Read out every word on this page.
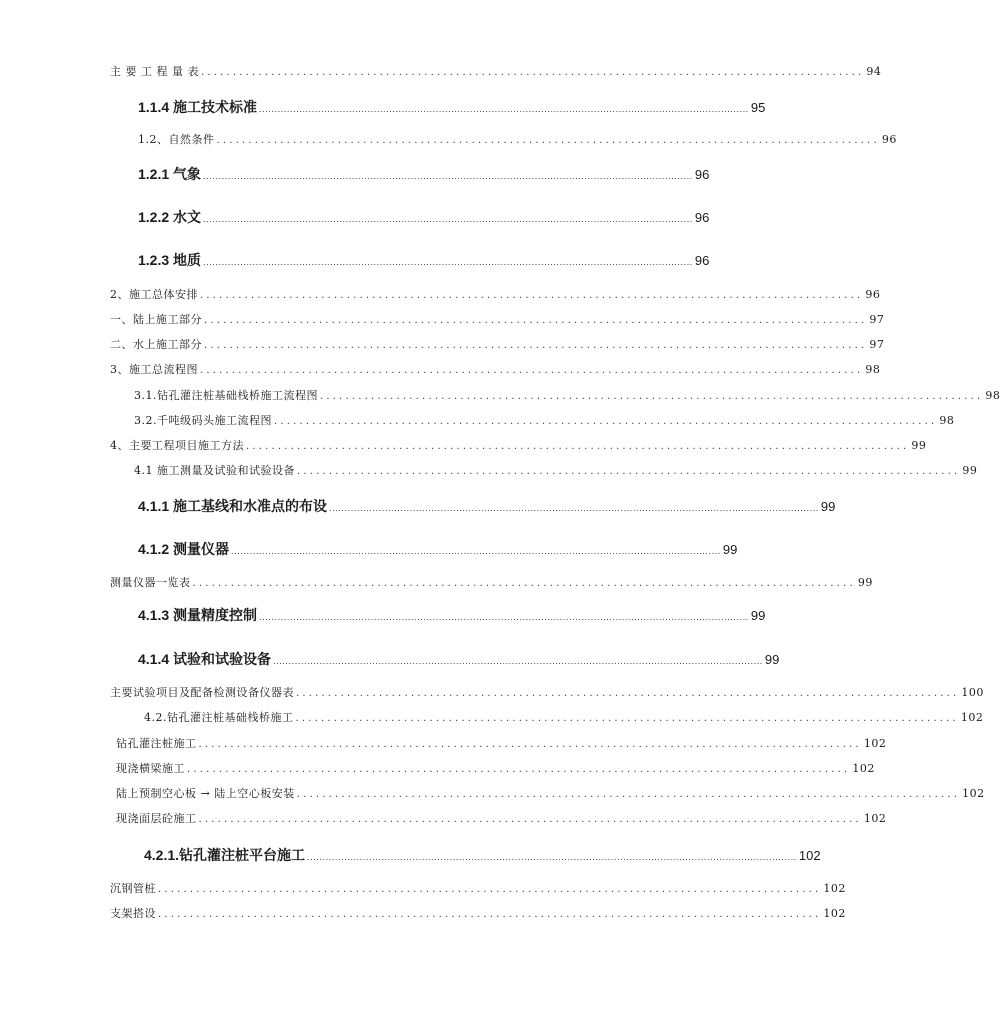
主 要 工 程 量 表 ........................................................................................................ 94
1.1.4 施工技术标准 .............................................................................................................................................................. 95
1.2、自然条件 ........................................................................................................ 96
1.2.1 气象 .............................................................................................................................................................. 96
1.2.2 水文 .............................................................................................................................................................. 96
1.2.3 地质 .............................................................................................................................................................. 96
2、施工总体安排 ........................................................................................................ 96
一、陆上施工部分 ........................................................................................................ 97
二、水上施工部分 ........................................................................................................ 97
3、施工总流程图 ........................................................................................................ 98
3.1.钻孔灌注桩基础栈桥施工流程图 ........................................................................................................ 98
3.2.千吨级码头施工流程图 ........................................................................................................ 98
4、主要工程项目施工方法 ........................................................................................................ 99
4.1 施工测量及试验和试验设备 ........................................................................................................ 99
4.1.1 施工基线和水准点的布设 .............................................................................................................................................................. 99
4.1.2 测量仪器 .............................................................................................................................................................. 99
测量仪器一览表 ........................................................................................................ 99
4.1.3 测量精度控制 .............................................................................................................................................................. 99
4.1.4 试验和试验设备 .............................................................................................................................................................. 99
主要试验项目及配备检测设备仪器表 ........................................................................................................ 100
4.2.钻孔灌注桩基础栈桥施工 ........................................................................................................ 102
钻孔灌注桩施工 ........................................................................................................ 102
现浇横梁施工 ........................................................................................................ 102
陆上预制空心板 → 陆上空心板安装 ........................................................................................................ 102
现浇面层砼施工 ........................................................................................................ 102
4.2.1.钻孔灌注桩平台施工 .............................................................................................................................................................. 102
沉钢管桩 ........................................................................................................ 102
支架搭设 ........................................................................................................ 102
